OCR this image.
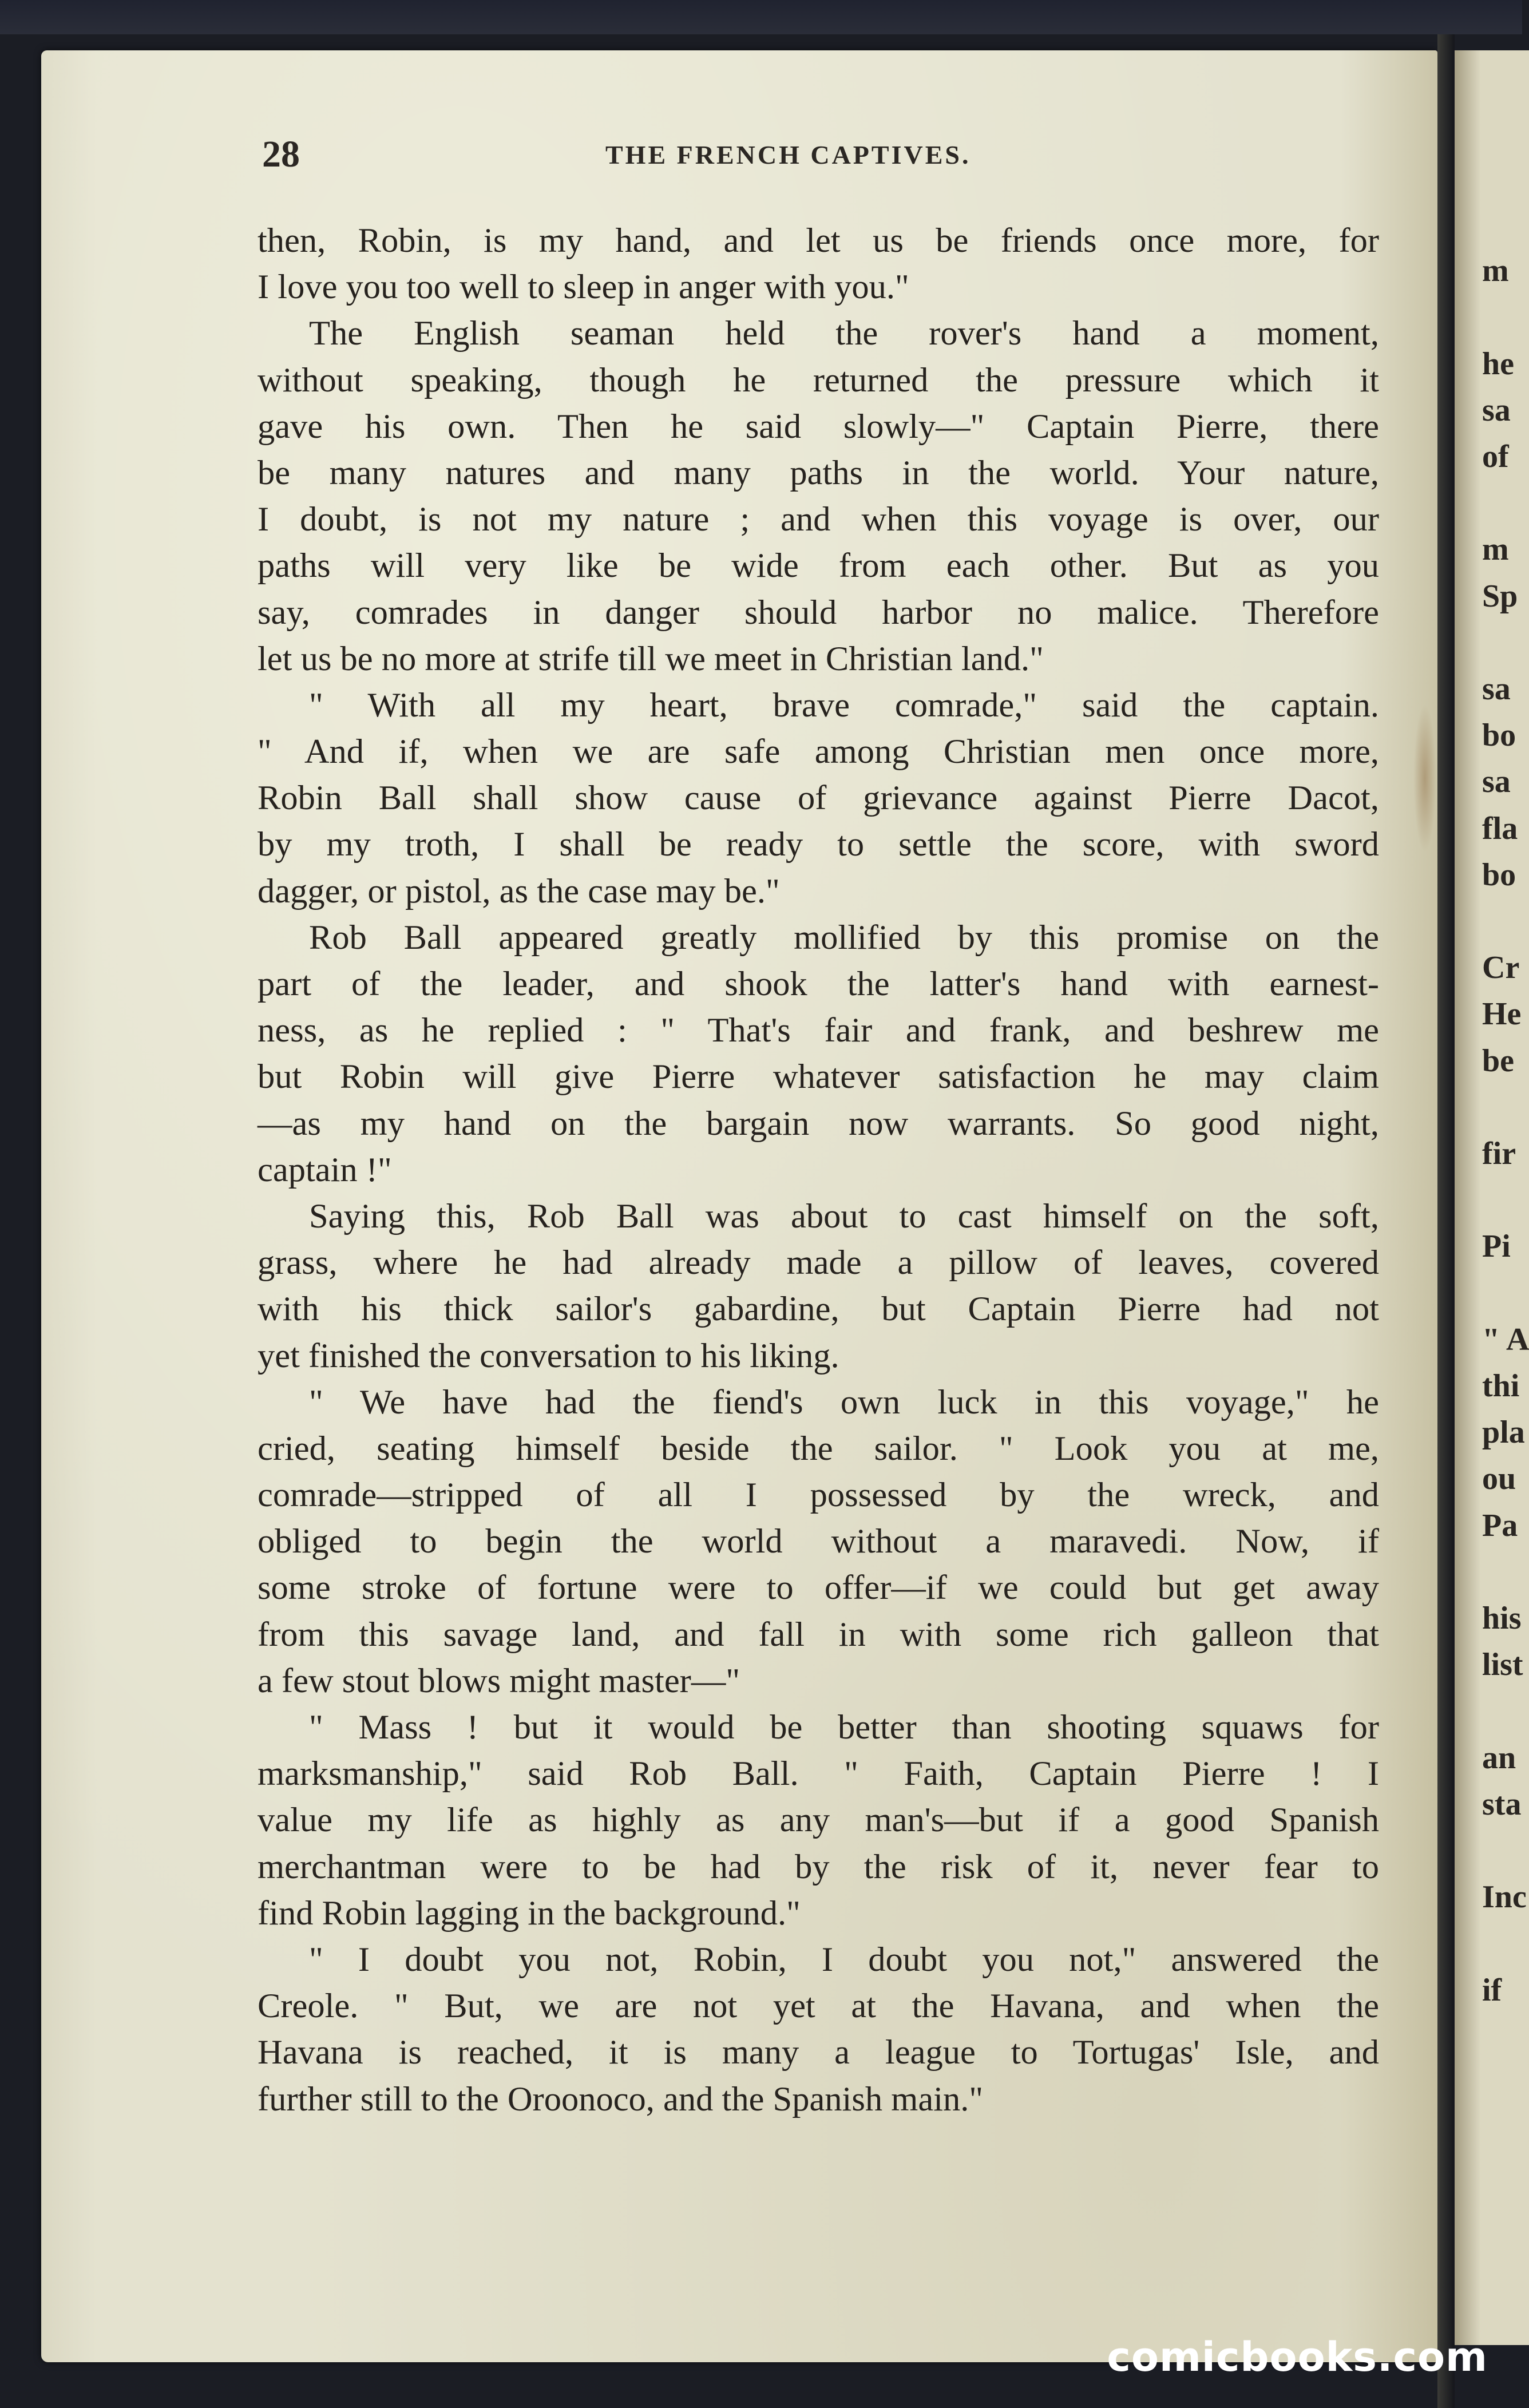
28	THE FRENCH CAPTIVES.
then, Robin, is my hand, and let us be friends once more, for
I love you too well to sleep in anger with you."
The English seaman held the rover's hand a moment,
without speaking, though he returned the pressure which it
gave his own. Then he said slowly—" Captain Pierre, there
be many natures and many paths in the world. Your nature,
I doubt, is not my nature ; and when this voyage is over, our
paths will very like be wide from each other. But as you
say, comrades in danger should harbor no malice. Therefore
let us be no more at strife till we meet in Christian land."
" With all my heart, brave comrade," said the captain.
" And if, when we are safe among Christian men once more,
Robin Ball shall show cause of grievance against Pierre Dacot,
by my troth, I shall be ready to settle the score, with sword
dagger, or pistol, as the case may be."
Rob Ball appeared greatly mollified by this promise on the
part of the leader, and shook the latter's hand with earnest-
ness, as he replied : " That's fair and frank, and beshrew me
but Robin will give Pierre whatever satisfaction he may claim
—as my hand on the bargain now warrants. So good night,
captain !"
Saying this, Rob Ball was about to cast himself on the soft,
grass, where he had already made a pillow of leaves, covered
with his thick sailor's gabardine, but Captain Pierre had not
yet finished the conversation to his liking.
" We have had the fiend's own luck in this voyage," he
cried, seating himself beside the sailor. " Look you at me,
comrade—stripped of all I possessed by the wreck, and
obliged to begin the world without a maravedi. Now, if
some stroke of fortune were to offer—if we could but get away
from this savage land, and fall in with some rich galleon that
a few stout blows might master—"
" Mass ! but it would be better than shooting squaws for
marksmanship," said Rob Ball. " Faith, Captain Pierre ! I
value my life as highly as any man's—but if a good Spanish
merchantman were to be had by the risk of it, never fear to
find Robin lagging in the background."
" I doubt you not, Robin, I doubt you not," answered the
Creole. " But, we are not yet at the Havana, and when the
Havana is reached, it is many a league to Tortugas' Isle, and
further still to the Oroonoco, and the Spanish main."
m
he
sa
of
m
Sp
sa
bo
sa
fla
bo
Cr
He
be
fir
Pi
" A
thi
pla
ou
Pa
his
list
an
sta
Inc
if
comicbooks.com
